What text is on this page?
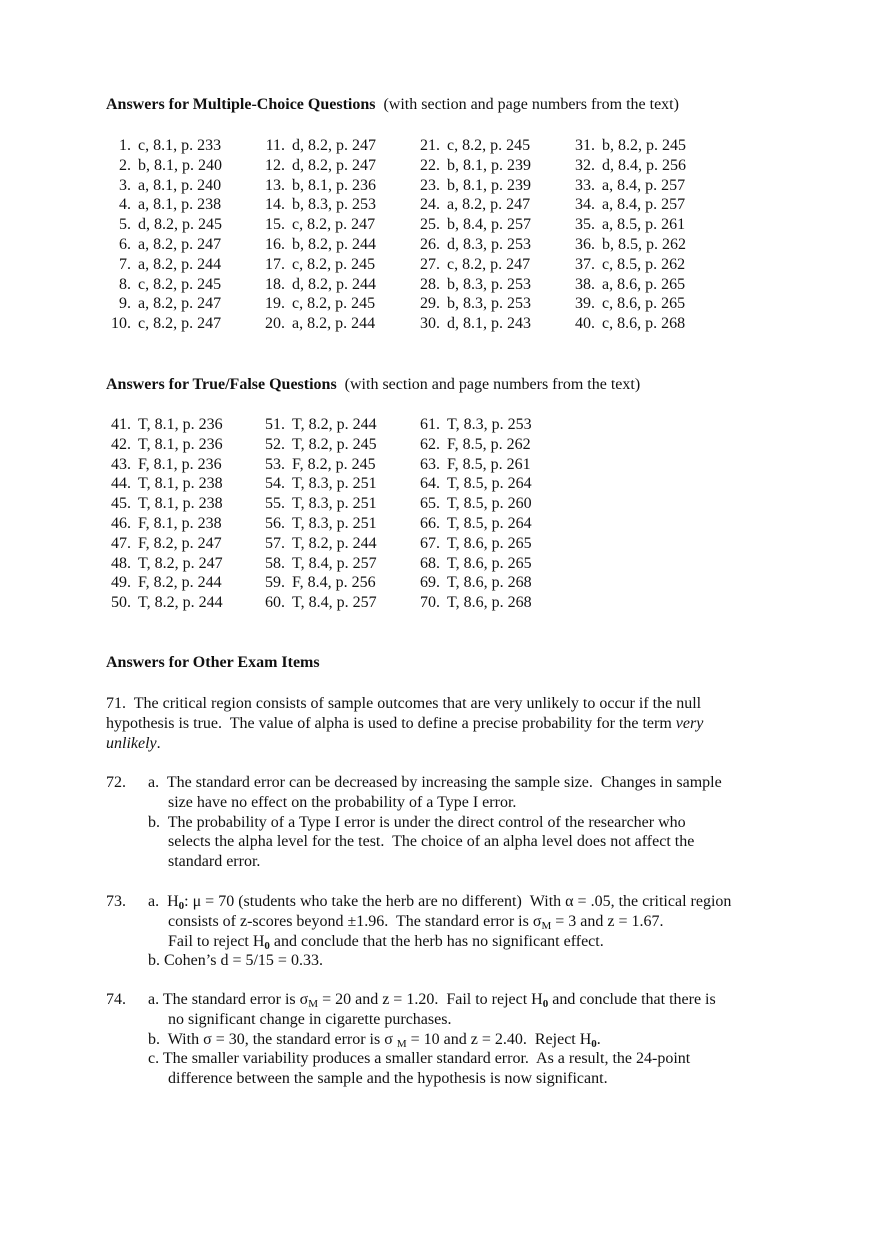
Answers for Multiple-Choice Questions (with section and page numbers from the text)
1. c, 8.1, p. 233
2. b, 8.1, p. 240
3. a, 8.1, p. 240
4. a, 8.1, p. 238
5. d, 8.2, p. 245
6. a, 8.2, p. 247
7. a, 8.2, p. 244
8. c, 8.2, p. 245
9. a, 8.2, p. 247
10. c, 8.2, p. 247
11. d, 8.2, p. 247
12. d, 8.2, p. 247
13. b, 8.1, p. 236
14. b, 8.3, p. 253
15. c, 8.2, p. 247
16. b, 8.2, p. 244
17. c, 8.2, p. 245
18. d, 8.2, p. 244
19. c, 8.2, p. 245
20. a, 8.2, p. 244
21. c, 8.2, p. 245
22. b, 8.1, p. 239
23. b, 8.1, p. 239
24. a, 8.2, p. 247
25. b, 8.4, p. 257
26. d, 8.3, p. 253
27. c, 8.2, p. 247
28. b, 8.3, p. 253
29. b, 8.3, p. 253
30. d, 8.1, p. 243
31. b, 8.2, p. 245
32. d, 8.4, p. 256
33. a, 8.4, p. 257
34. a, 8.4, p. 257
35. a, 8.5, p. 261
36. b, 8.5, p. 262
37. c, 8.5, p. 262
38. a, 8.6, p. 265
39. c, 8.6, p. 265
40. c, 8.6, p. 268
Answers for True/False Questions (with section and page numbers from the text)
41. T, 8.1, p. 236
42. T, 8.1, p. 236
43. F, 8.1, p. 236
44. T, 8.1, p. 238
45. T, 8.1, p. 238
46. F, 8.1, p. 238
47. F, 8.2, p. 247
48. T, 8.2, p. 247
49. F, 8.2, p. 244
50. T, 8.2, p. 244
51. T, 8.2, p. 244
52. T, 8.2, p. 245
53. F, 8.2, p. 245
54. T, 8.3, p. 251
55. T, 8.3, p. 251
56. T, 8.3, p. 251
57. T, 8.2, p. 244
58. T, 8.4, p. 257
59. F, 8.4, p. 256
60. T, 8.4, p. 257
61. T, 8.3, p. 253
62. F, 8.5, p. 262
63. F, 8.5, p. 261
64. T, 8.5, p. 264
65. T, 8.5, p. 260
66. T, 8.5, p. 264
67. T, 8.6, p. 265
68. T, 8.6, p. 265
69. T, 8.6, p. 268
70. T, 8.6, p. 268
Answers for Other Exam Items
71.  The critical region consists of sample outcomes that are very unlikely to occur if the null
hypothesis is true.  The value of alpha is used to define a precise probability for the term very
unlikely.
72.	a.  The standard error can be decreased by increasing the sample size.  Changes in sample
size have no effect on the probability of a Type I error.
b.  The probability of a Type I error is under the direct control of the researcher who
selects the alpha level for the test.  The choice of an alpha level does not affect the
standard error.
73.	a.  $H_0$: μ = 70 (students who take the herb are no different)  With α = .05, the critical region
consists of z-scores beyond ±1.96.  The standard error is $\sigma_M = 3$ and z = 1.67.
Fail to reject $H_0$ and conclude that the herb has no significant effect.
b. Cohen’s d = 5/15 = 0.33.
74.	a. The standard error is $\sigma_M = 20$ and z = 1.20.  Fail to reject $H_0$ and conclude that there is
no significant change in cigarette purchases.
b.  With σ = 30, the standard error is σ $_M$ = 10 and z = 2.40.  Reject $H_0$.
c. The smaller variability produces a smaller standard error.  As a result, the 24-point
difference between the sample and the hypothesis is now significant.
